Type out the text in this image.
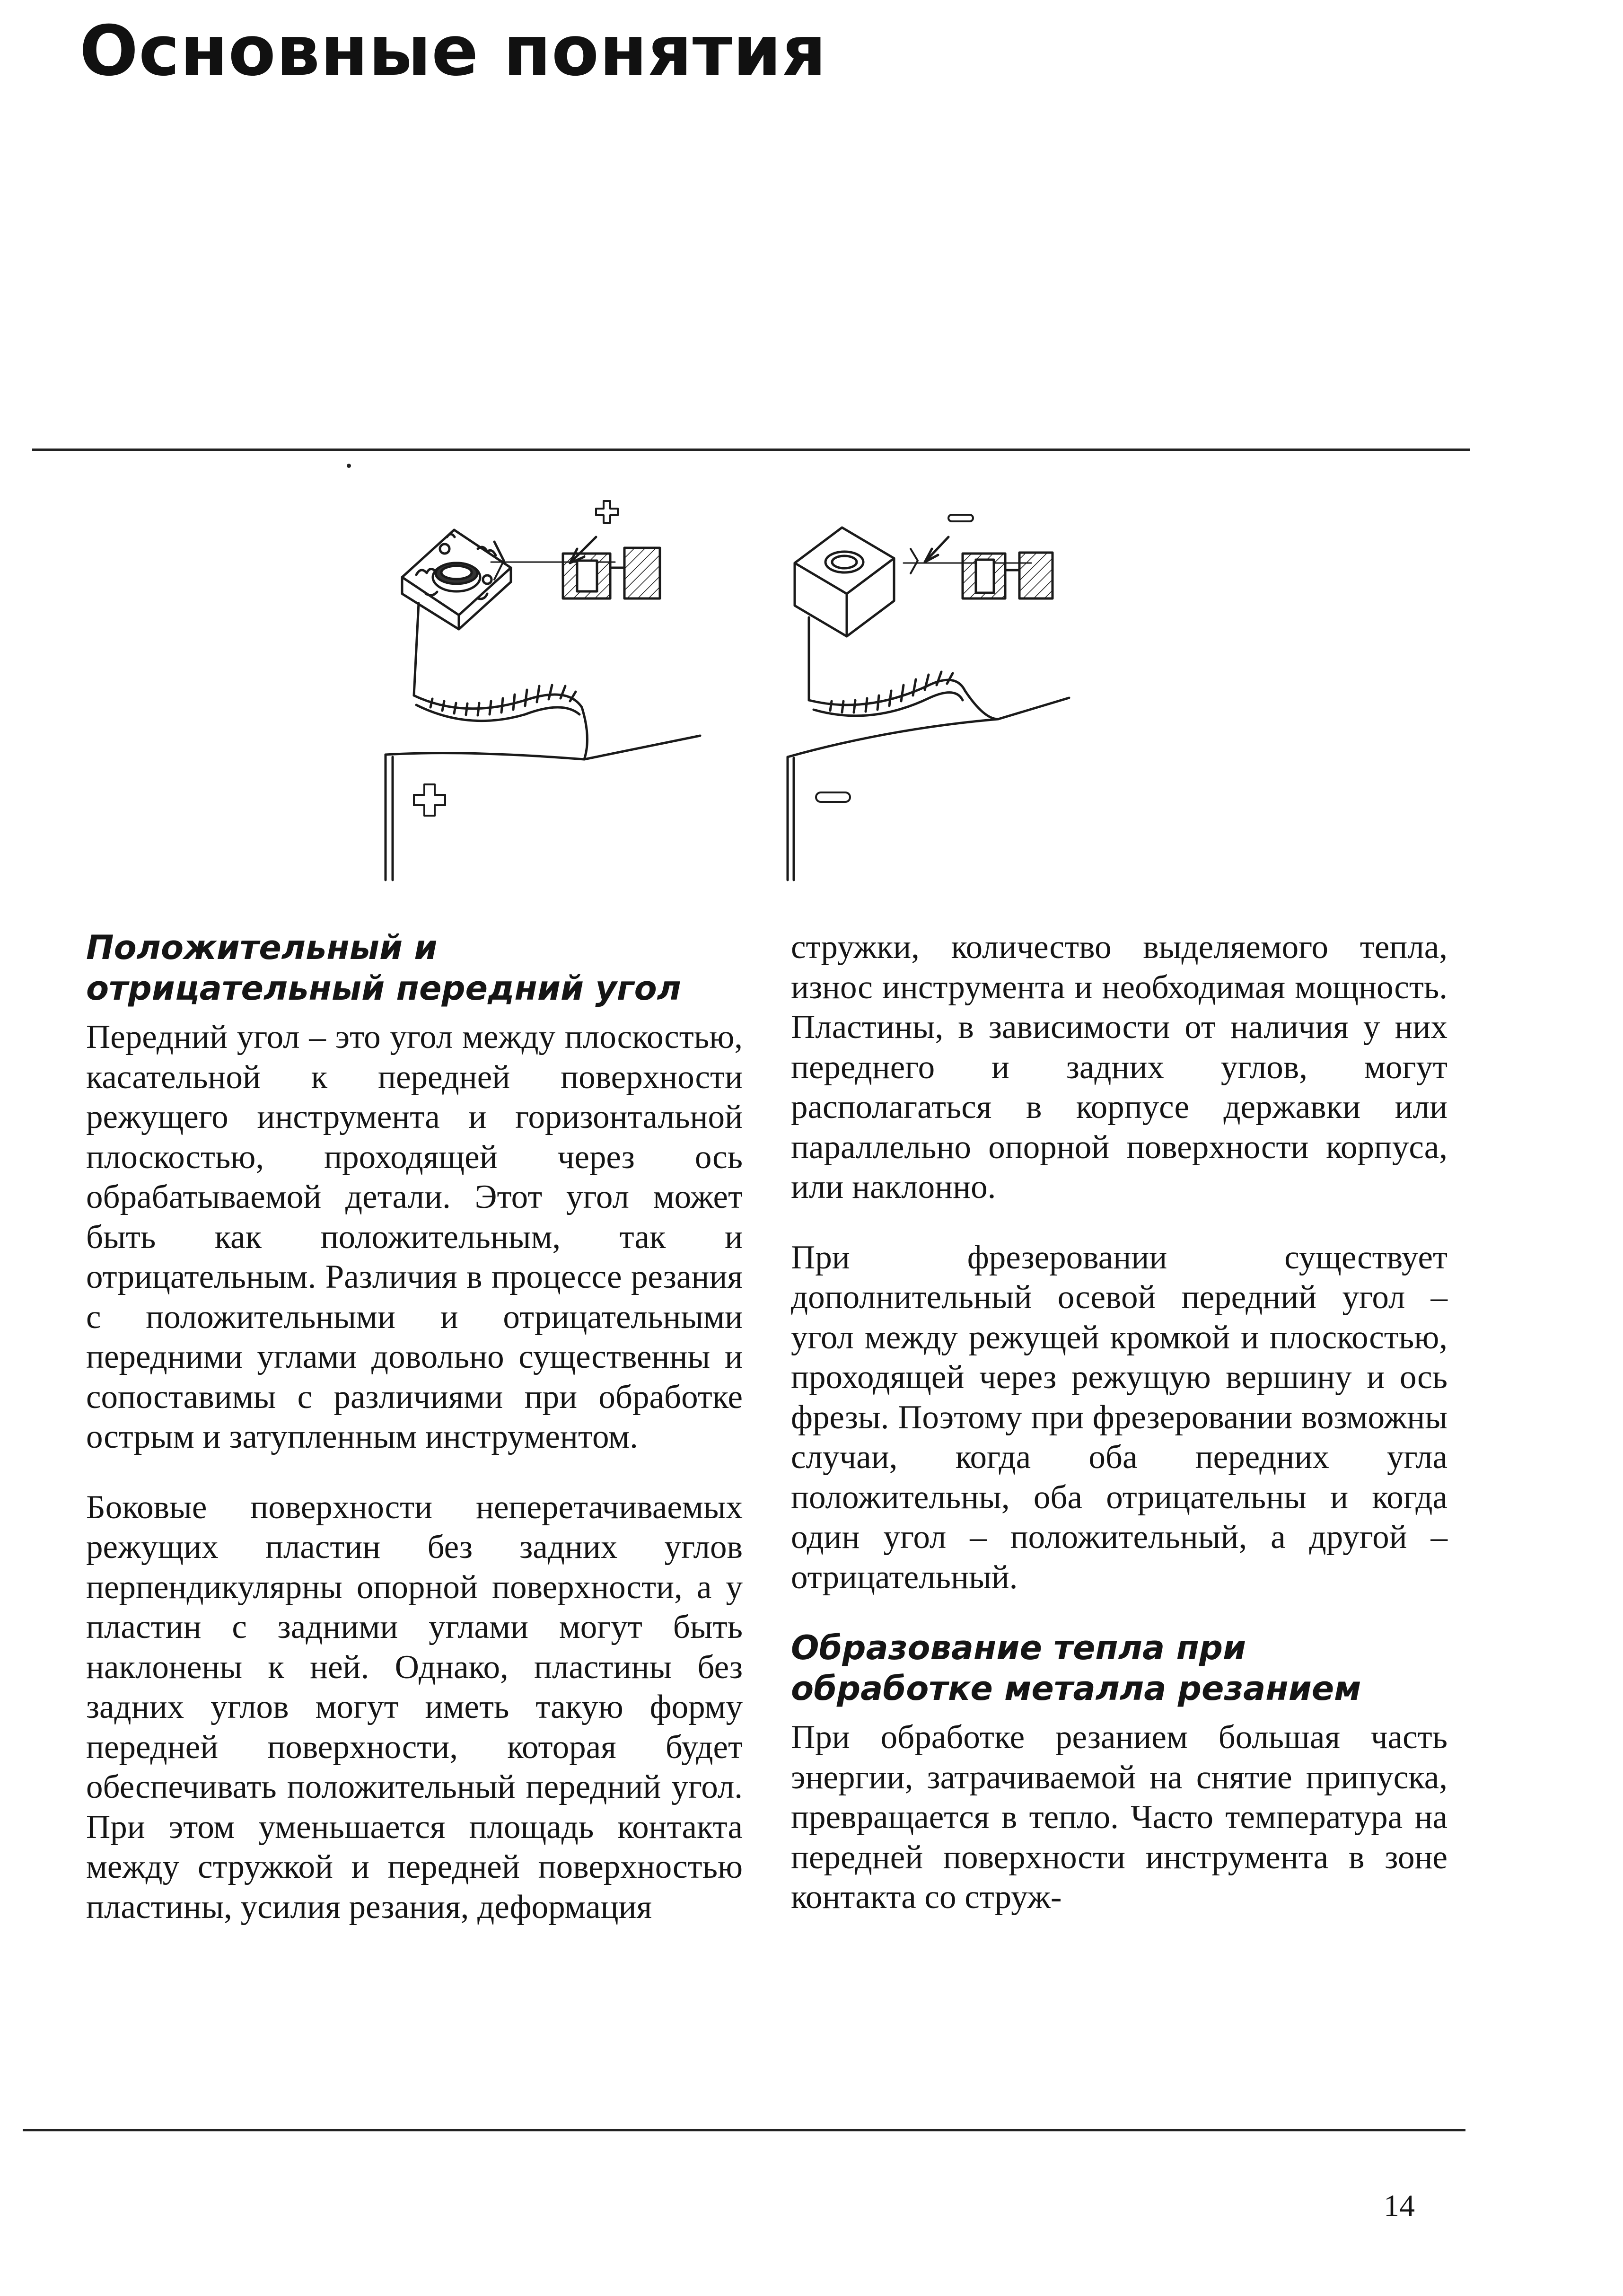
Основные понятия
Положительный и отрицательный передний угол

Передний угол – это угол между плоскостью, касательной к передней поверхности режущего инструмента и горизонтальной плоскостью, проходящей через ось обрабатываемой детали. Этот угол может быть как положительным, так и отрицательным. Различия в процессе резания с положительными и отрицательными передними углами довольно существенны и сопоставимы с различиями при обработке острым и затупленным инструментом.

Боковые поверхности неперетачиваемых режущих пластин без задних углов перпендикулярны опорной поверхности, а у пластин с задними углами могут быть наклонены к ней. Однако, пластины без задних углов могут иметь такую форму передней поверхности, которая будет обеспечивать положительный передний угол. При этом уменьшается площадь контакта между стружкой и передней поверхностью пластины, усилия резания, деформация

стружки, количество выделяемого тепла, износ инструмента и необходимая мощность. Пластины, в зависимости от наличия у них переднего и задних углов, могут располагаться в корпусе державки или параллельно опорной поверхности корпуса, или наклонно.

При фрезеровании существует дополнительный осевой передний угол – угол между режущей кромкой и плоскостью, проходящей через режущую вершину и ось фрезы. Поэтому при фрезеровании возможны случаи, когда оба передних угла положительны, оба отрицательны и когда один угол – положительный, а другой – отрицательный.

Образование тепла при обработке металла резанием

При обработке резанием большая часть энергии, затрачиваемой на снятие припуска, превращается в тепло. Часто температура на передней поверхности инструмента в зоне контакта со струж-

14
